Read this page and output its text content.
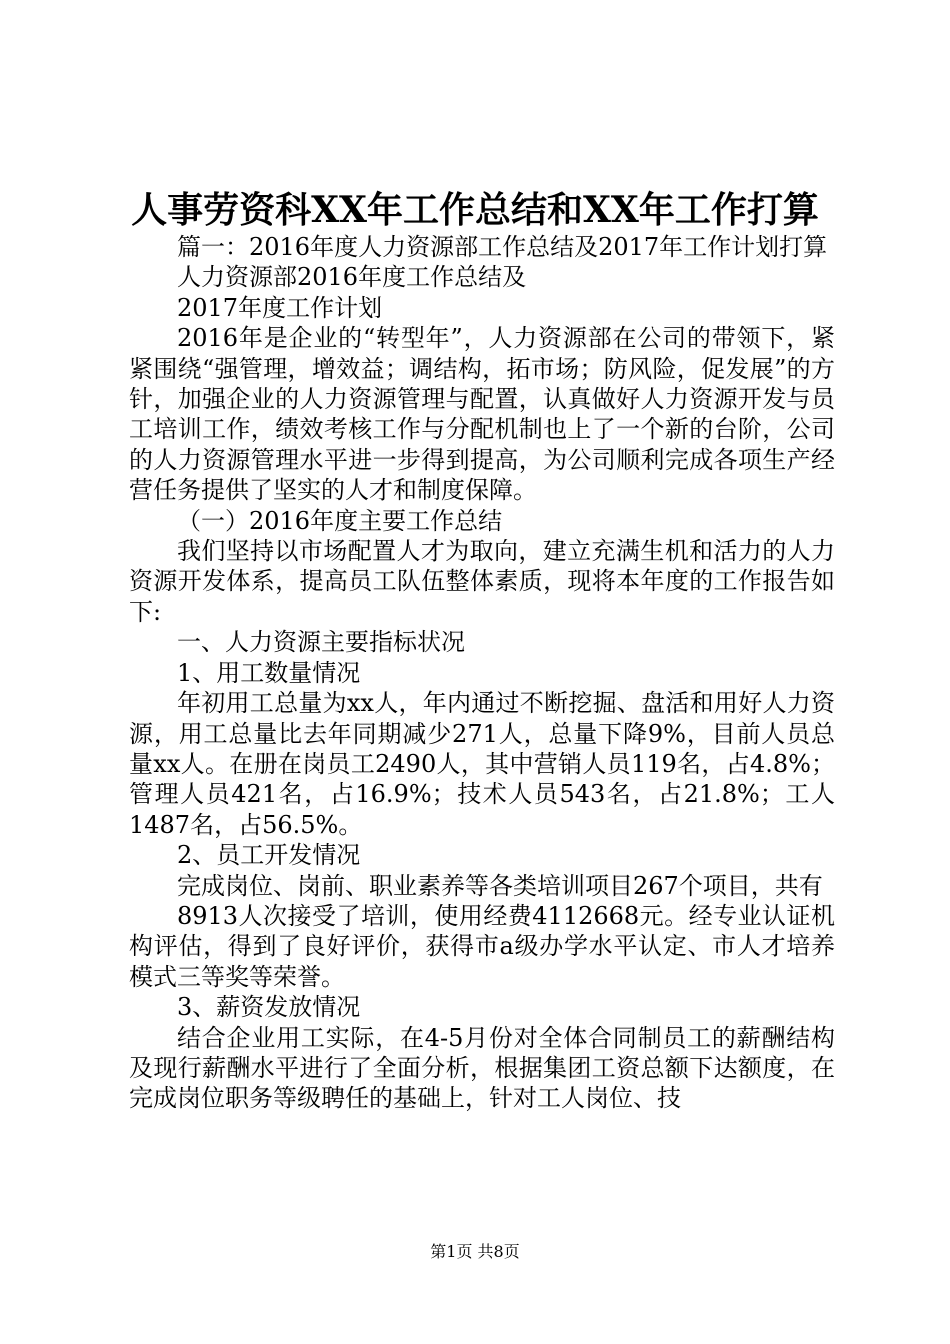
人事劳资科XX年工作总结和XX年工作打算

篇一：2016年度人力资源部工作总结及2017年工作计划打算

人力资源部2016年度工作总结及

2017年度工作计划

2016年是企业的“转型年”，人力资源部在公司的带领下，紧紧围绕“强管理，增效益；调结构，拓市场；防风险，促发展”的方针，加强企业的人力资源管理与配置，认真做好人力资源开发与员工培训工作，绩效考核工作与分配机制也上了一个新的台阶，公司的人力资源管理水平进一步得到提高，为公司顺利完成各项生产经营任务提供了坚实的人才和制度保障。

（一）2016年度主要工作总结

我们坚持以市场配置人才为取向，建立充满生机和活力的人力资源开发体系，提高员工队伍整体素质，现将本年度的工作报告如下:

一、人力资源主要指标状况

1、用工数量情况

年初用工总量为xx人，年内通过不断挖掘、盘活和用好人力资源，用工总量比去年同期减少271人，总量下降9%，目前人员总量xx人。在册在岗员工2490人，其中营销人员119名，占4.8%；管理人员421名，占16.9%；技术人员543名，占21.8%；工人1487名，占56.5%。

2、员工开发情况

完成岗位、岗前、职业素养等各类培训项目267个项目，共有

8913人次接受了培训，使用经费4112668元。经专业认证机构评估，得到了良好评价，获得市a级办学水平认定、市人才培养模式三等奖等荣誉。

3、薪资发放情况

结合企业用工实际，在4-5月份对全体合同制员工的薪酬结构及现行薪酬水平进行了全面分析，根据集团工资总额下达额度，在完成岗位职务等级聘任的基础上，针对工人岗位、技

第1页 共8页
